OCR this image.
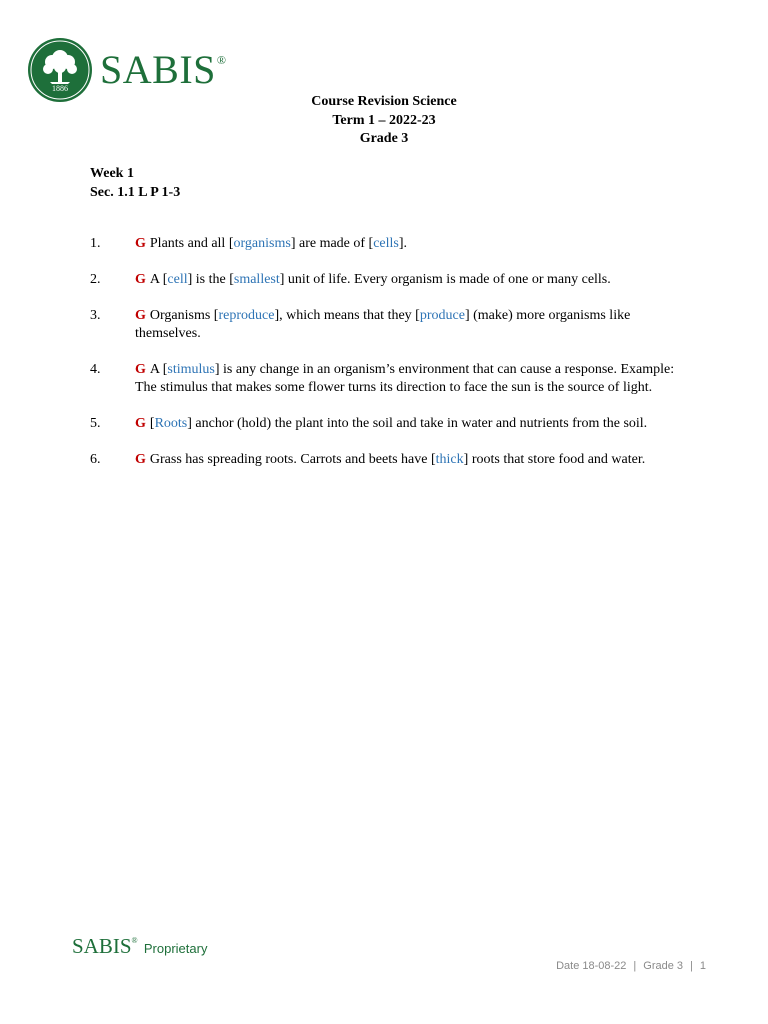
1886 SABIS®
Course Revision Science
Term 1 – 2022-23
Grade 3
Week 1
Sec. 1.1 L P 1-3
1. G Plants and all [organisms] are made of [cells].
2. G A [cell] is the [smallest] unit of life. Every organism is made of one or many cells.
3. G Organisms [reproduce], which means that they [produce] (make) more organisms like themselves.
4. G A [stimulus] is any change in an organism’s environment that can cause a response. Example: The stimulus that makes some flower turns its direction to face the sun is the source of light.
5. G [Roots] anchor (hold) the plant into the soil and take in water and nutrients from the soil.
6. G Grass has spreading roots. Carrots and beets have [thick] roots that store food and water.
SABIS® Proprietary
Date 18-08-22 | Grade 3 | 1
